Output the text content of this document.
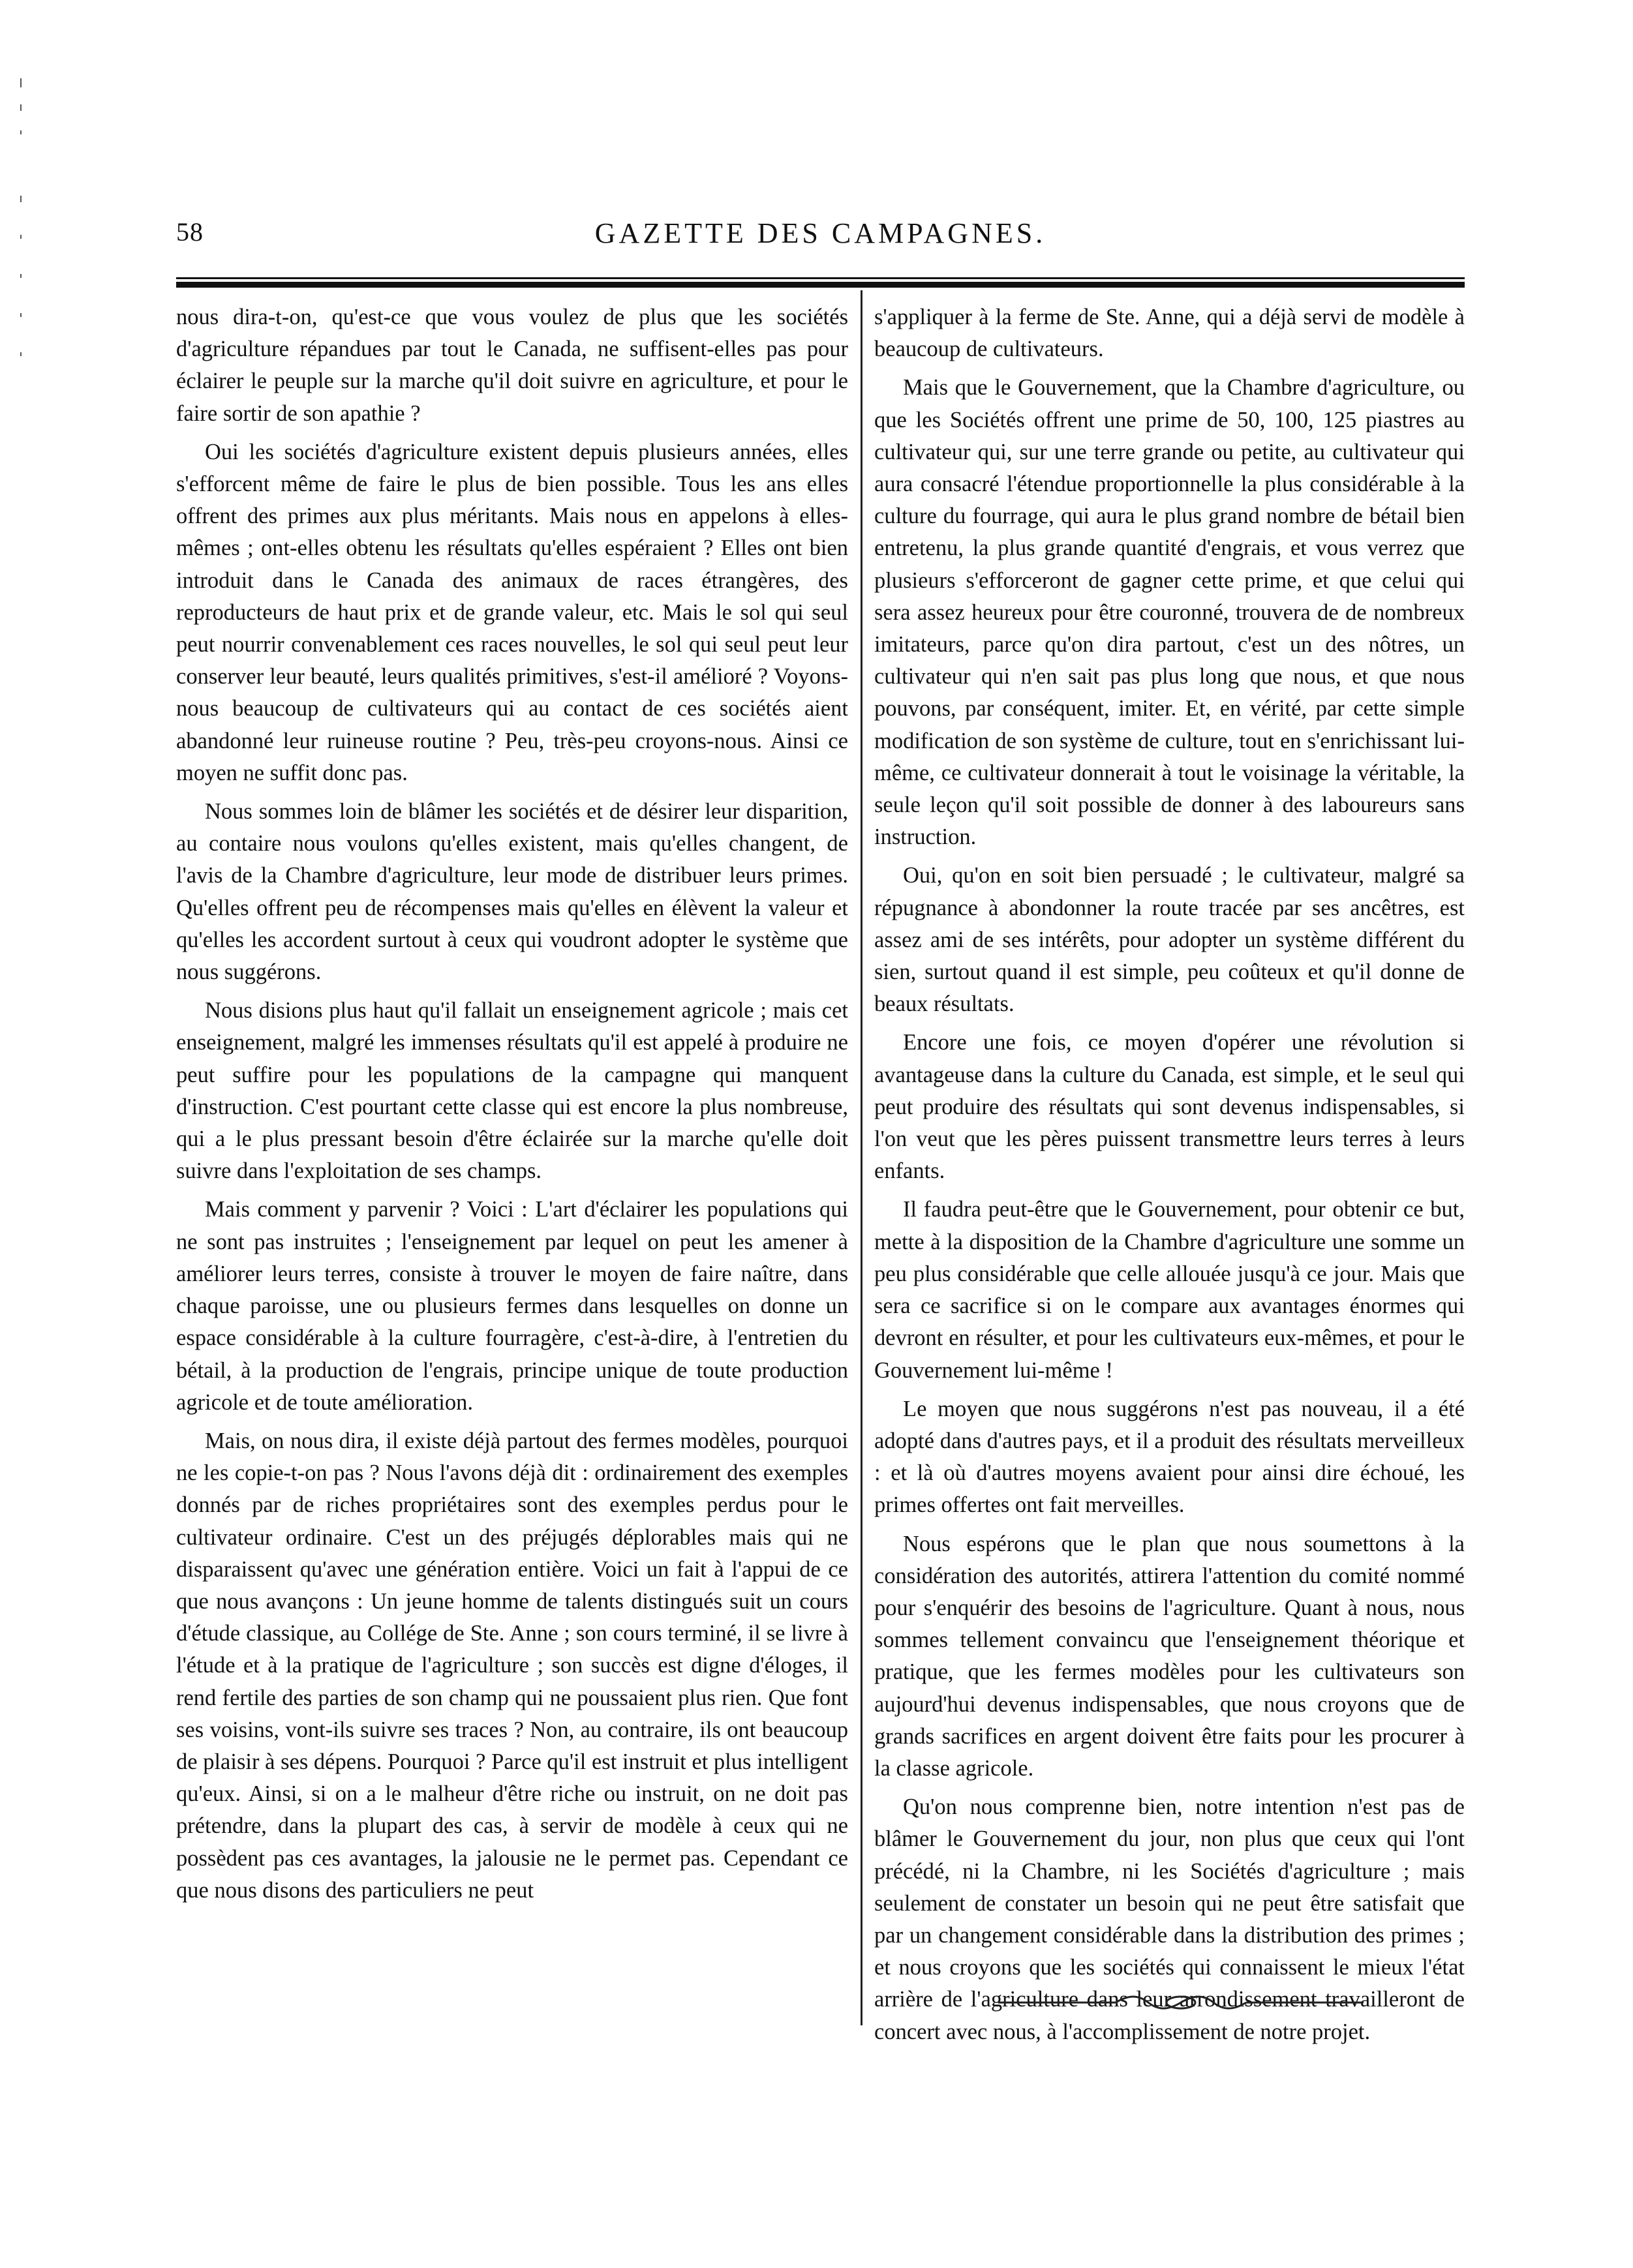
58	GAZETTE DES CAMPAGNES.

nous dira-t-on, qu'est-ce que vous voulez de plus que les sociétés d'agriculture répandues par tout le Canada, ne suffisent-elles pas pour éclairer le peuple sur la marche qu'il doit suivre en agriculture, et pour le faire sortir de son apathie ?

Oui les sociétés d'agriculture existent depuis plusieurs années, elles s'efforcent même de faire le plus de bien possible. Tous les ans elles offrent des primes aux plus méritants. Mais nous en appelons à elles-mêmes ; ont-elles obtenu les résultats qu'elles espéraient ? Elles ont bien introduit dans le Canada des animaux de races étrangères, des reproducteurs de haut prix et de grande valeur, etc. Mais le sol qui seul peut nourrir convenablement ces races nouvelles, le sol qui seul peut leur conserver leur beauté, leurs qualités primitives, s'est-il amélioré ? Voyons-nous beaucoup de cultivateurs qui au contact de ces sociétés aient abandonné leur ruineuse routine ? Peu, très-peu croyons-nous. Ainsi ce moyen ne suffit donc pas.

Nous sommes loin de blâmer les sociétés et de désirer leur disparition, au contaire nous voulons qu'elles existent, mais qu'elles changent, de l'avis de la Chambre d'agriculture, leur mode de distribuer leurs primes. Qu'elles offrent peu de récompenses mais qu'elles en élèvent la valeur et qu'elles les accordent surtout à ceux qui voudront adopter le système que nous suggérons.

Nous disions plus haut qu'il fallait un enseignement agricole ; mais cet enseignement, malgré les immenses résultats qu'il est appelé à produire ne peut suffire pour les populations de la campagne qui manquent d'instruction. C'est pourtant cette classe qui est encore la plus nombreuse, qui a le plus pressant besoin d'être éclairée sur la marche qu'elle doit suivre dans l'exploitation de ses champs.

Mais comment y parvenir ? Voici : L'art d'éclairer les populations qui ne sont pas instruites ; l'enseignement par lequel on peut les amener à améliorer leurs terres, consiste à trouver le moyen de faire naître, dans chaque paroisse, une ou plusieurs fermes dans lesquelles on donne un espace considérable à la culture fourragère, c'est-à-dire, à l'entretien du bétail, à la production de l'engrais, principe unique de toute production agricole et de toute amélioration.

Mais, on nous dira, il existe déjà partout des fermes modèles, pourquoi ne les copie-t-on pas ? Nous l'avons déjà dit : ordinairement des exemples donnés par de riches propriétaires sont des exemples perdus pour le cultivateur ordinaire. C'est un des préjugés déplorables mais qui ne disparaissent qu'avec une génération entière. Voici un fait à l'appui de ce que nous avançons : Un jeune homme de talents distingués suit un cours d'étude classique, au Collége de Ste. Anne ; son cours terminé, il se livre à l'étude et à la pratique de l'agriculture ; son succès est digne d'éloges, il rend fertile des parties de son champ qui ne poussaient plus rien. Que font ses voisins, vont-ils suivre ses traces ? Non, au contraire, ils ont beaucoup de plaisir à ses dépens. Pourquoi ? Parce qu'il est instruit et plus intelligent qu'eux. Ainsi, si on a le malheur d'être riche ou instruit, on ne doit pas prétendre, dans la plupart des cas, à servir de modèle à ceux qui ne possèdent pas ces avantages, la jalousie ne le permet pas. Cependant ce que nous disons des particuliers ne peut

s'appliquer à la ferme de Ste. Anne, qui a déjà servi de modèle à beaucoup de cultivateurs.

Mais que le Gouvernement, que la Chambre d'agriculture, ou que les Sociétés offrent une prime de 50, 100, 125 piastres au cultivateur qui, sur une terre grande ou petite, au cultivateur qui aura consacré l'étendue proportionnelle la plus considérable à la culture du fourrage, qui aura le plus grand nombre de bétail bien entretenu, la plus grande quantité d'engrais, et vous verrez que plusieurs s'efforceront de gagner cette prime, et que celui qui sera assez heureux pour être couronné, trouvera de de nombreux imitateurs, parce qu'on dira partout, c'est un des nôtres, un cultivateur qui n'en sait pas plus long que nous, et que nous pouvons, par conséquent, imiter. Et, en vérité, par cette simple modification de son système de culture, tout en s'enrichissant lui-même, ce cultivateur donnerait à tout le voisinage la véritable, la seule leçon qu'il soit possible de donner à des laboureurs sans instruction.

Oui, qu'on en soit bien persuadé ; le cultivateur, malgré sa répugnance à abondonner la route tracée par ses ancêtres, est assez ami de ses intérêts, pour adopter un système différent du sien, surtout quand il est simple, peu coûteux et qu'il donne de beaux résultats.

Encore une fois, ce moyen d'opérer une révolution si avantageuse dans la culture du Canada, est simple, et le seul qui peut produire des résultats qui sont devenus indispensables, si l'on veut que les pères puissent transmettre leurs terres à leurs enfants.

Il faudra peut-être que le Gouvernement, pour obtenir ce but, mette à la disposition de la Chambre d'agriculture une somme un peu plus considérable que celle allouée jusqu'à ce jour. Mais que sera ce sacrifice si on le compare aux avantages énormes qui devront en résulter, et pour les cultivateurs eux-mêmes, et pour le Gouvernement lui-même !

Le moyen que nous suggérons n'est pas nouveau, il a été adopté dans d'autres pays, et il a produit des résultats merveilleux : et là où d'autres moyens avaient pour ainsi dire échoué, les primes offertes ont fait merveilles.

Nous espérons que le plan que nous soumettons à la considération des autorités, attirera l'attention du comité nommé pour s'enquérir des besoins de l'agriculture. Quant à nous, nous sommes tellement convaincu que l'enseignement théorique et pratique, que les fermes modèles pour les cultivateurs son aujourd'hui devenus indispensables, que nous croyons que de grands sacrifices en argent doivent être faits pour les procurer à la classe agricole.

Qu'on nous comprenne bien, notre intention n'est pas de blâmer le Gouvernement du jour, non plus que ceux qui l'ont précédé, ni la Chambre, ni les Sociétés d'agriculture ; mais seulement de constater un besoin qui ne peut être satisfait que par un changement considérable dans la distribution des primes ; et nous croyons que les sociétés qui connaissent le mieux l'état arrière de l'agriculture dans leur arrondissement travailleront de concert avec nous, à l'accomplissement de notre projet.
